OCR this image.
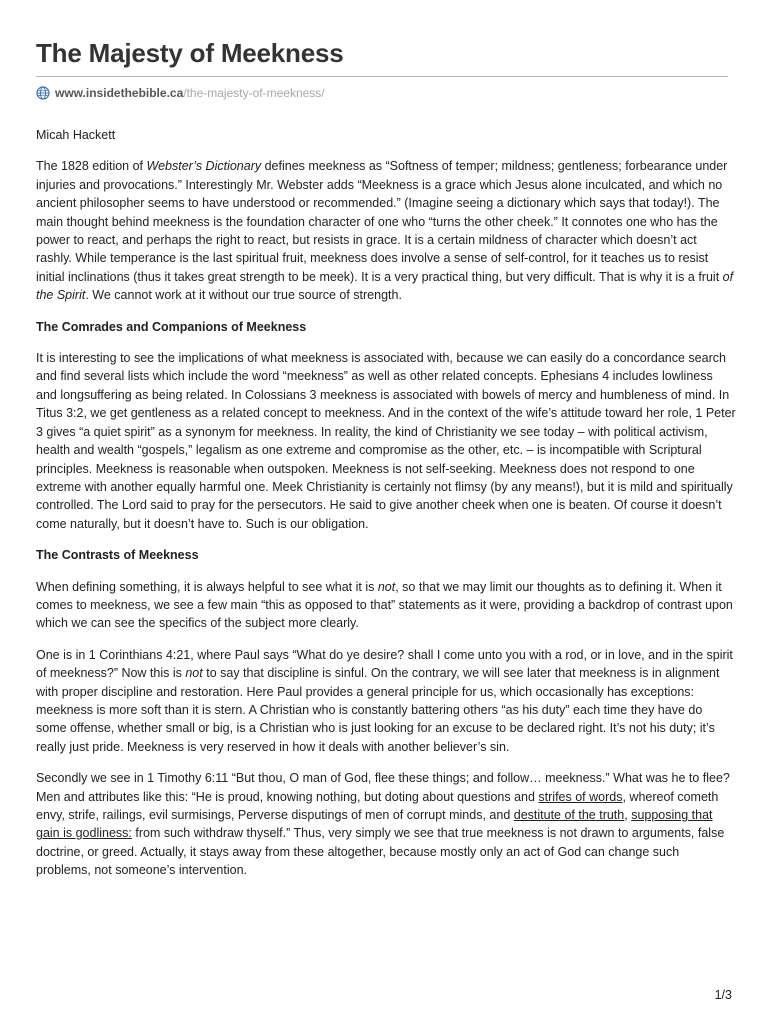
The Majesty of Meekness
www.insidethebible.ca /the-majesty-of-meekness/

Micah Hackett

The 1828 edition of Webster’s Dictionary defines meekness as “Softness of temper; mildness; gentleness; forbearance under injuries and provocations.” Interestingly Mr. Webster adds “Meekness is a grace which Jesus alone inculcated, and which no ancient philosopher seems to have understood or recommended.” (Imagine seeing a dictionary which says that today!). The main thought behind meekness is the foundation character of one who “turns the other cheek.” It connotes one who has the power to react, and perhaps the right to react, but resists in grace. It is a certain mildness of character which doesn’t act rashly. While temperance is the last spiritual fruit, meekness does involve a sense of self-control, for it teaches us to resist initial inclinations (thus it takes great strength to be meek). It is a very practical thing, but very difficult. That is why it is a fruit of the Spirit. We cannot work at it without our true source of strength.

The Comrades and Companions of Meekness

It is interesting to see the implications of what meekness is associated with, because we can easily do a concordance search and find several lists which include the word “meekness” as well as other related concepts. Ephesians 4 includes lowliness and longsuffering as being related. In Colossians 3 meekness is associated with bowels of mercy and humbleness of mind. In Titus 3:2, we get gentleness as a related concept to meekness. And in the context of the wife’s attitude toward her role, 1 Peter 3 gives “a quiet spirit” as a synonym for meekness. In reality, the kind of Christianity we see today – with political activism, health and wealth “gospels,” legalism as one extreme and compromise as the other, etc. – is incompatible with Scriptural principles. Meekness is reasonable when outspoken. Meekness is not self-seeking. Meekness does not respond to one extreme with another equally harmful one. Meek Christianity is certainly not flimsy (by any means!), but it is mild and spiritually controlled. The Lord said to pray for the persecutors. He said to give another cheek when one is beaten. Of course it doesn’t come naturally, but it doesn’t have to. Such is our obligation.

The Contrasts of Meekness

When defining something, it is always helpful to see what it is not, so that we may limit our thoughts as to defining it. When it comes to meekness, we see a few main “this as opposed to that” statements as it were, providing a backdrop of contrast upon which we can see the specifics of the subject more clearly.

One is in 1 Corinthians 4:21, where Paul says “What do ye desire? shall I come unto you with a rod, or in love, and in the spirit of meekness?” Now this is not to say that discipline is sinful. On the contrary, we will see later that meekness is in alignment with proper discipline and restoration. Here Paul provides a general principle for us, which occasionally has exceptions: meekness is more soft than it is stern. A Christian who is constantly battering others “as his duty” each time they have do some offense, whether small or big, is a Christian who is just looking for an excuse to be declared right. It’s not his duty; it’s really just pride. Meekness is very reserved in how it deals with another believer’s sin.

Secondly we see in 1 Timothy 6:11 “But thou, O man of God, flee these things; and follow… meekness.” What was he to flee? Men and attributes like this: “He is proud, knowing nothing, but doting about questions and strifes of words, whereof cometh envy, strife, railings, evil surmisings, Perverse disputings of men of corrupt minds, and destitute of the truth, supposing that gain is godliness: from such withdraw thyself.” Thus, very simply we see that true meekness is not drawn to arguments, false doctrine, or greed. Actually, it stays away from these altogether, because mostly only an act of God can change such problems, not someone’s intervention.

1/3
